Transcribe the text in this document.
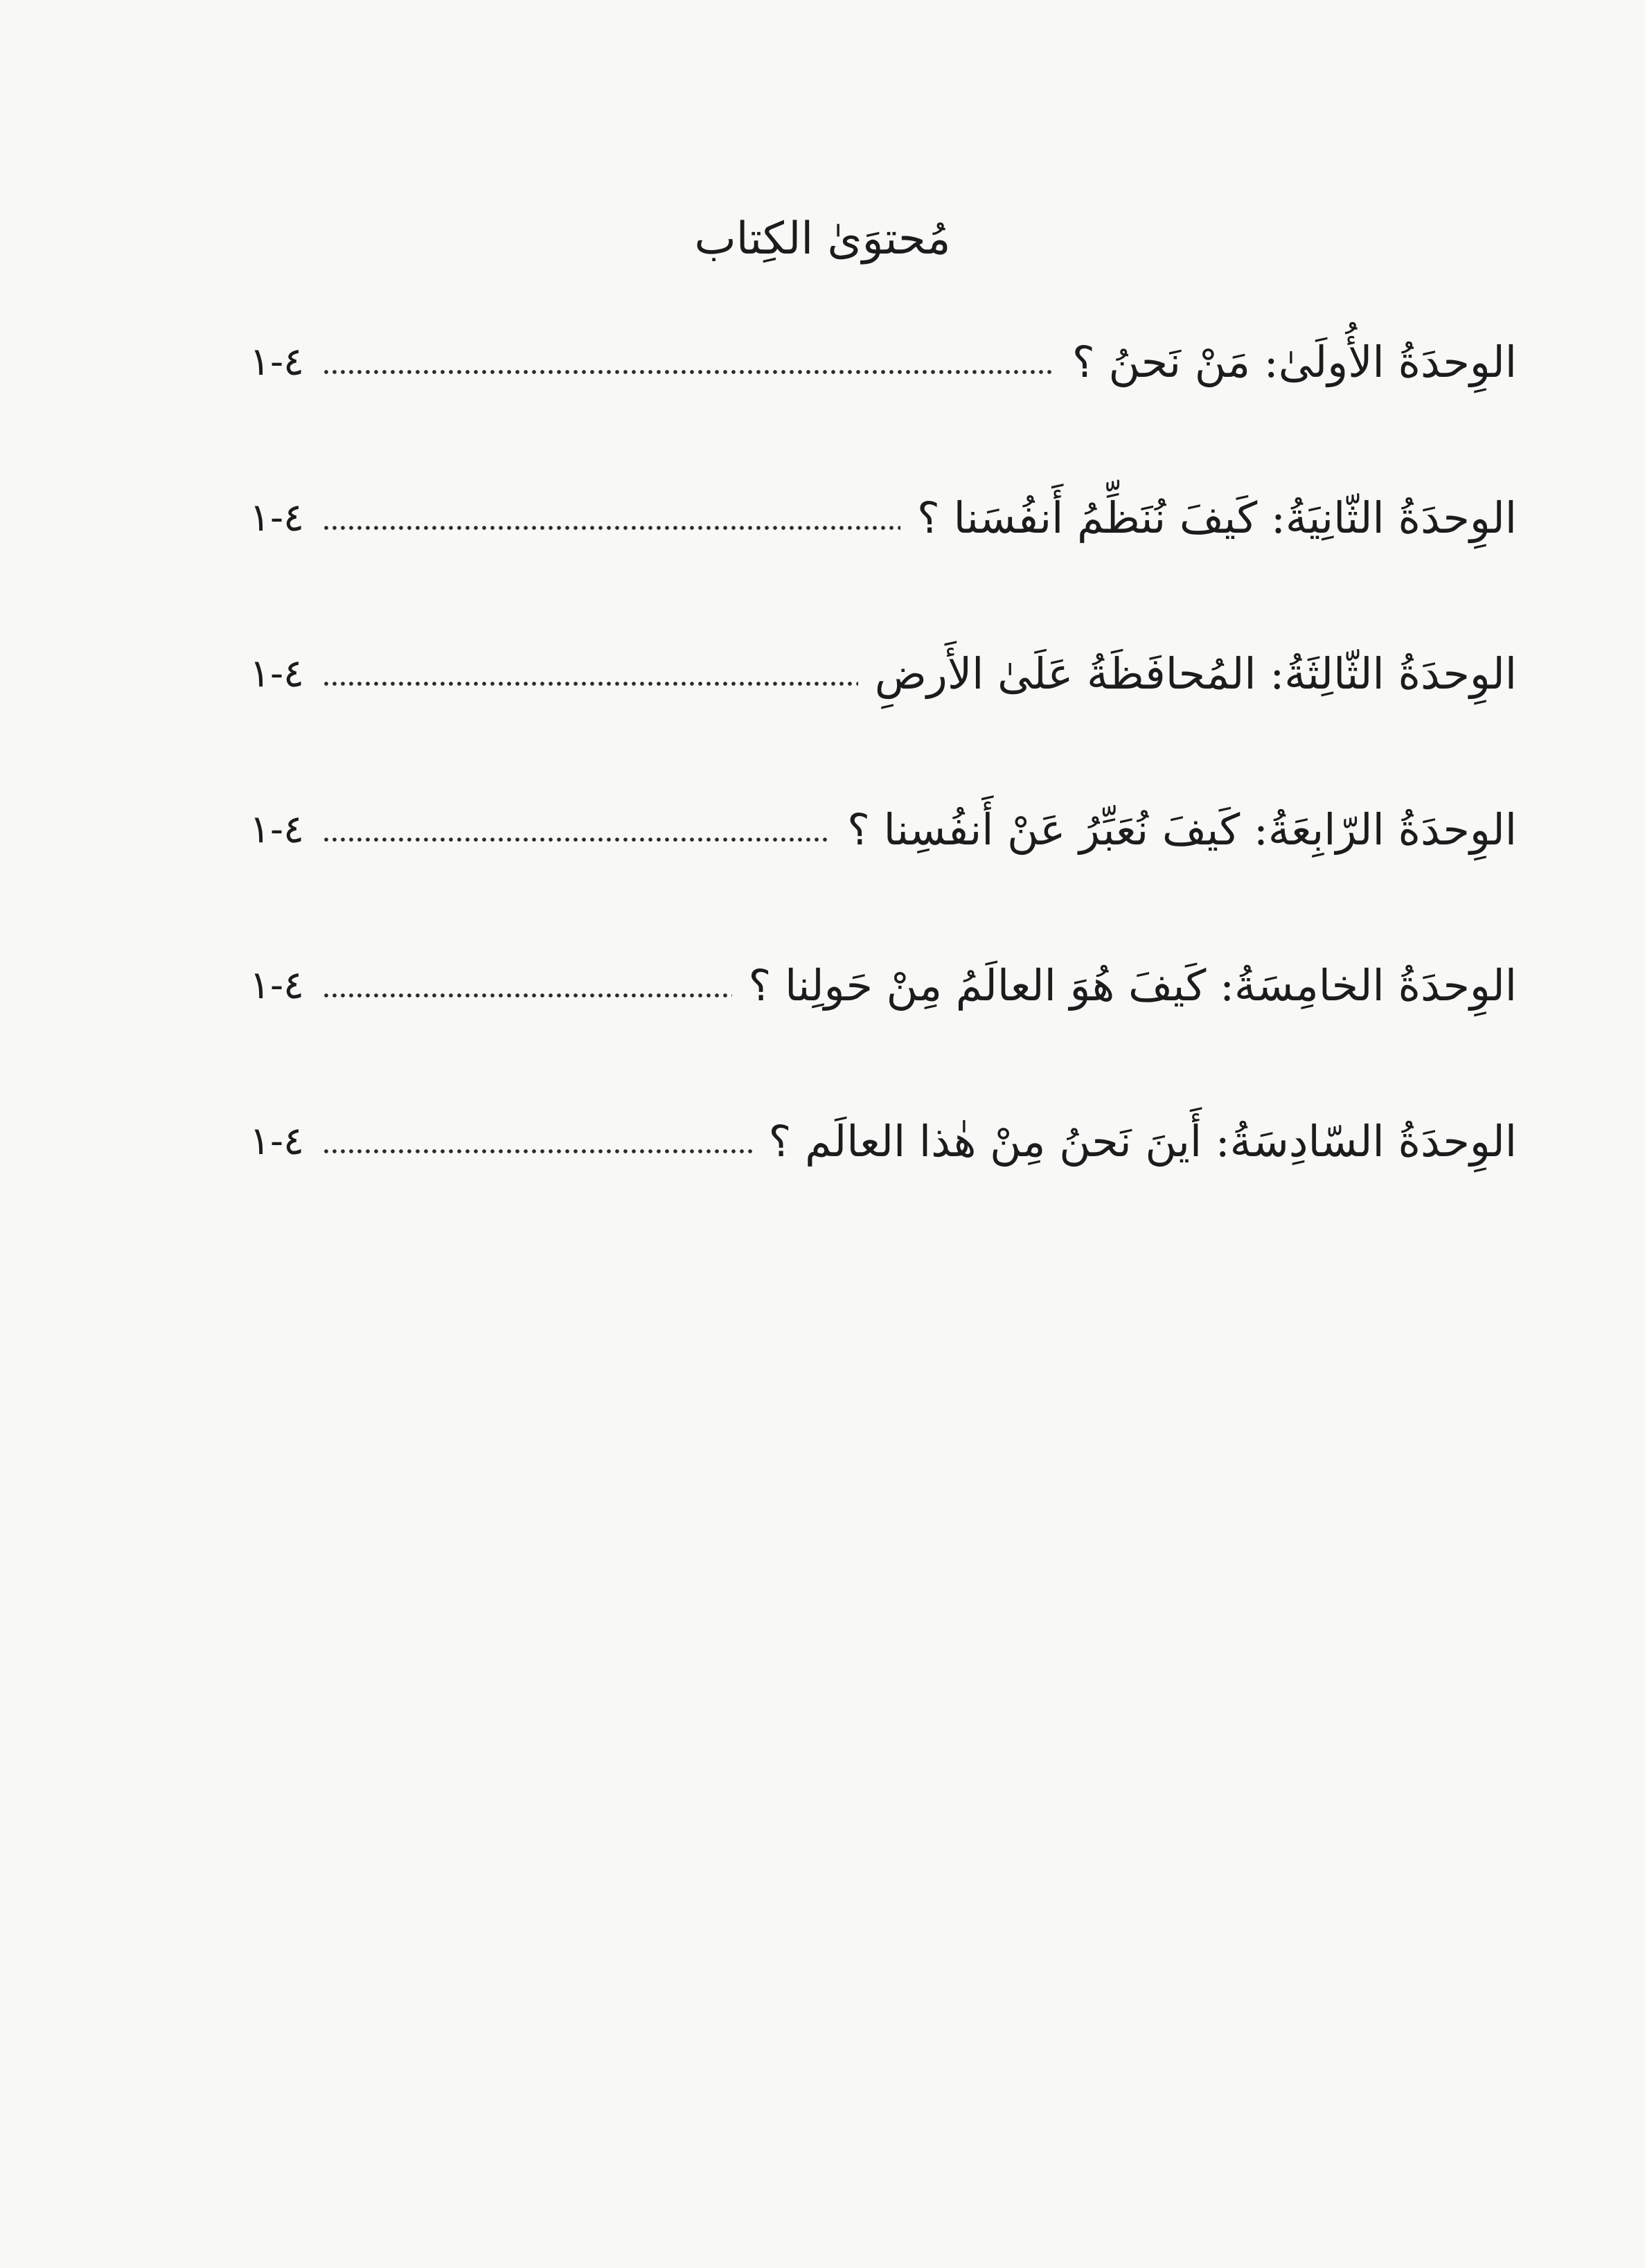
مُحتوَىٰ الكِتاب
الوِحدَةُ الأُولَىٰ: مَنْ نَحنُ ؟
٤-١
الوِحدَةُ الثّانِيَةُ: كَيفَ نُنَظِّمُ أَنفُسَنا ؟
٤-١
الوِحدَةُ الثّالِثَةُ: المُحافَظَةُ عَلَىٰ الأَرضِ
٤-١
الوِحدَةُ الرّابِعَةُ: كَيفَ نُعَبِّرُ عَنْ أَنفُسِنا ؟
٤-١
الوِحدَةُ الخامِسَةُ: كَيفَ هُوَ العالَمُ مِنْ حَولِنا ؟
٤-١
الوِحدَةُ السّادِسَةُ: أَينَ نَحنُ مِنْ هٰذا العالَم ؟
٤-١
